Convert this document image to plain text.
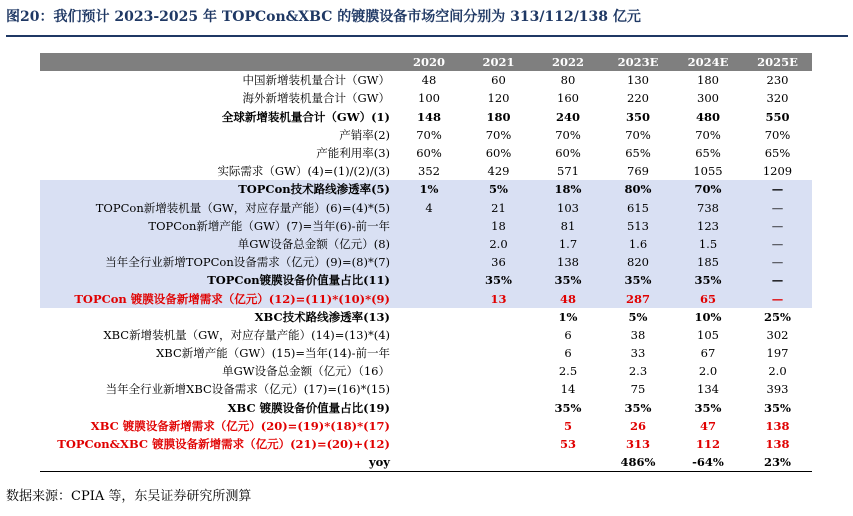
图20：我们预计 2023-2025 年 TOPCon&XBC 的镀膜设备市场空间分别为 313/112/138 亿元
	2020	2021	2022	2023E	2024E	2025E
中国新增装机量合计（GW）	48	60	80	130	180	230
海外新增装机量合计（GW）	100	120	160	220	300	320
全球新增装机量合计（GW）(1)	148	180	240	350	480	550
产销率(2)	70%	70%	70%	70%	70%	70%
产能利用率(3)	60%	60%	60%	65%	65%	65%
实际需求（GW）(4)=(1)/(2)/(3)	352	429	571	769	1055	1209
TOPCon技术路线渗透率(5)	1%	5%	18%	80%	70%	—
TOPCon新增装机量（GW，对应存量产能）(6)=(4)*(5)	4	21	103	615	738	—
TOPCon新增产能（GW）(7)=当年(6)-前一年		18	81	513	123	—
单GW设备总金额（亿元）(8)		2.0	1.7	1.6	1.5	—
当年全行业新增TOPCon设备需求（亿元）(9)=(8)*(7)		36	138	820	185	—
TOPCon镀膜设备价值量占比(11)		35%	35%	35%	35%	—
TOPCon 镀膜设备新增需求（亿元）(12)=(11)*(10)*(9)		13	48	287	65	—
XBC技术路线渗透率(13)			1%	5%	10%	25%
XBC新增装机量（GW，对应存量产能）(14)=(13)*(4)			6	38	105	302
XBC新增产能（GW）(15)=当年(14)-前一年			6	33	67	197
单GW设备总金额（亿元）（16）			2.5	2.3	2.0	2.0
当年全行业新增XBC设备需求（亿元）(17)=(16)*(15)			14	75	134	393
XBC 镀膜设备价值量占比(19)			35%	35%	35%	35%
XBC 镀膜设备新增需求（亿元）(20)=(19)*(18)*(17)			5	26	47	138
TOPCon&XBC 镀膜设备新增需求（亿元）(21)=(20)+(12)			53	313	112	138
yoy				486%	-64%	23%
数据来源：CPIA 等，东吴证券研究所测算
